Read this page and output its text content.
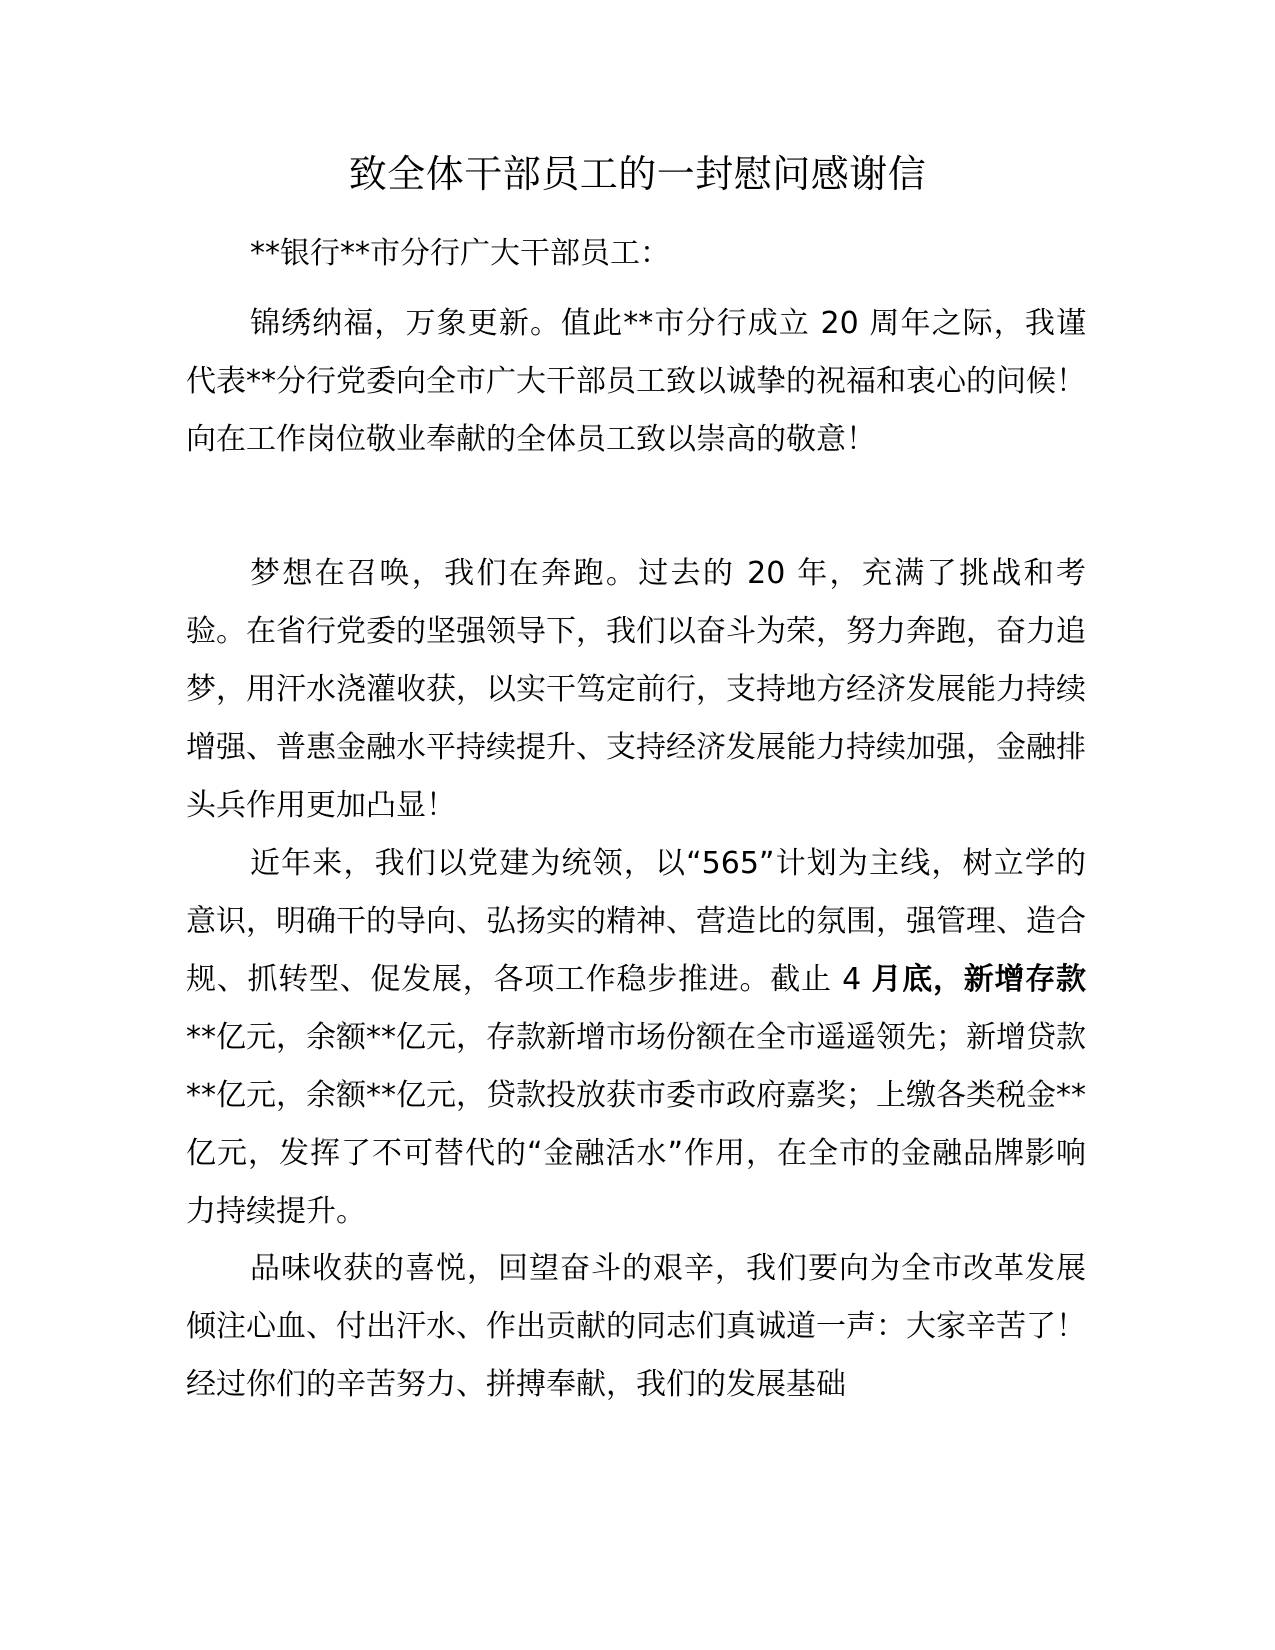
致全体干部员工的一封慰问感谢信
**银行**市分行广大干部员工：
锦绣纳福，万象更新。值此**市分行成立 20 周年之际，我谨代表**分行党委向全市广大干部员工致以诚挚的祝福和衷心的问候！向在工作岗位敬业奉献的全体员工致以崇高的敬意！
梦想在召唤，我们在奔跑。过去的 20 年，充满了挑战和考验。在省行党委的坚强领导下，我们以奋斗为荣，努力奔跑，奋力追梦，用汗水浇灌收获，以实干笃定前行，支持地方经济发展能力持续增强、普惠金融水平持续提升、支持经济发展能力持续加强，金融排头兵作用更加凸显！
近年来，我们以党建为统领，以“565”计划为主线，树立学的意识，明确干的导向、弘扬实的精神、营造比的氛围，强管理、造合规、抓转型、促发展，各项工作稳步推进。截止 4 月底，新增存款**亿元，余额**亿元，存款新增市场份额在全市遥遥领先；新增贷款**亿元，余额**亿元，贷款投放获市委市政府嘉奖；上缴各类税金**亿元，发挥了不可替代的“金融活水”作用，在全市的金融品牌影响力持续提升。
品味收获的喜悦，回望奋斗的艰辛，我们要向为全市改革发展倾注心血、付出汗水、作出贡献的同志们真诚道一声：大家辛苦了！经过你们的辛苦努力、拼搏奉献，我们的发展基础
